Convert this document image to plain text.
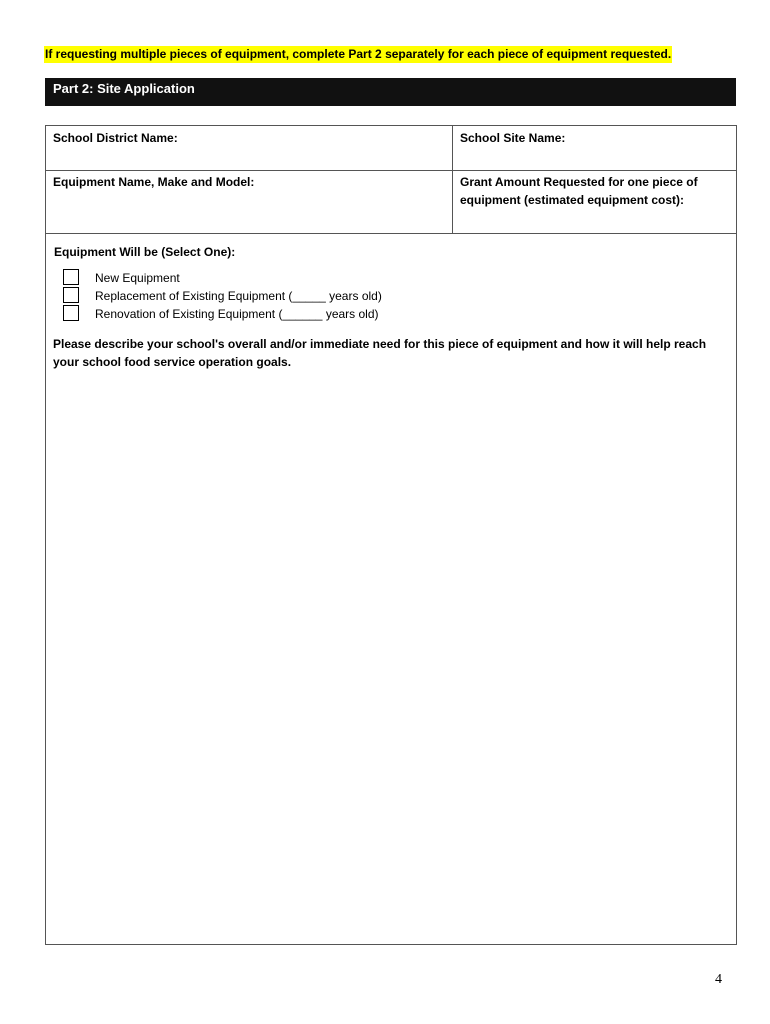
If requesting multiple pieces of equipment, complete Part 2 separately for each piece of equipment requested.
Part 2: Site Application
School District Name:	School Site Name:
Equipment Name, Make and Model:	Grant Amount Requested for one piece of equipment (estimated equipment cost):
Equipment Will be (Select One):
New Equipment
Replacement of Existing Equipment (_____ years old)
Renovation of Existing Equipment (______ years old)
Please describe your school's overall and/or immediate need for this piece of equipment and how it will help reach your school food service operation goals.
4
